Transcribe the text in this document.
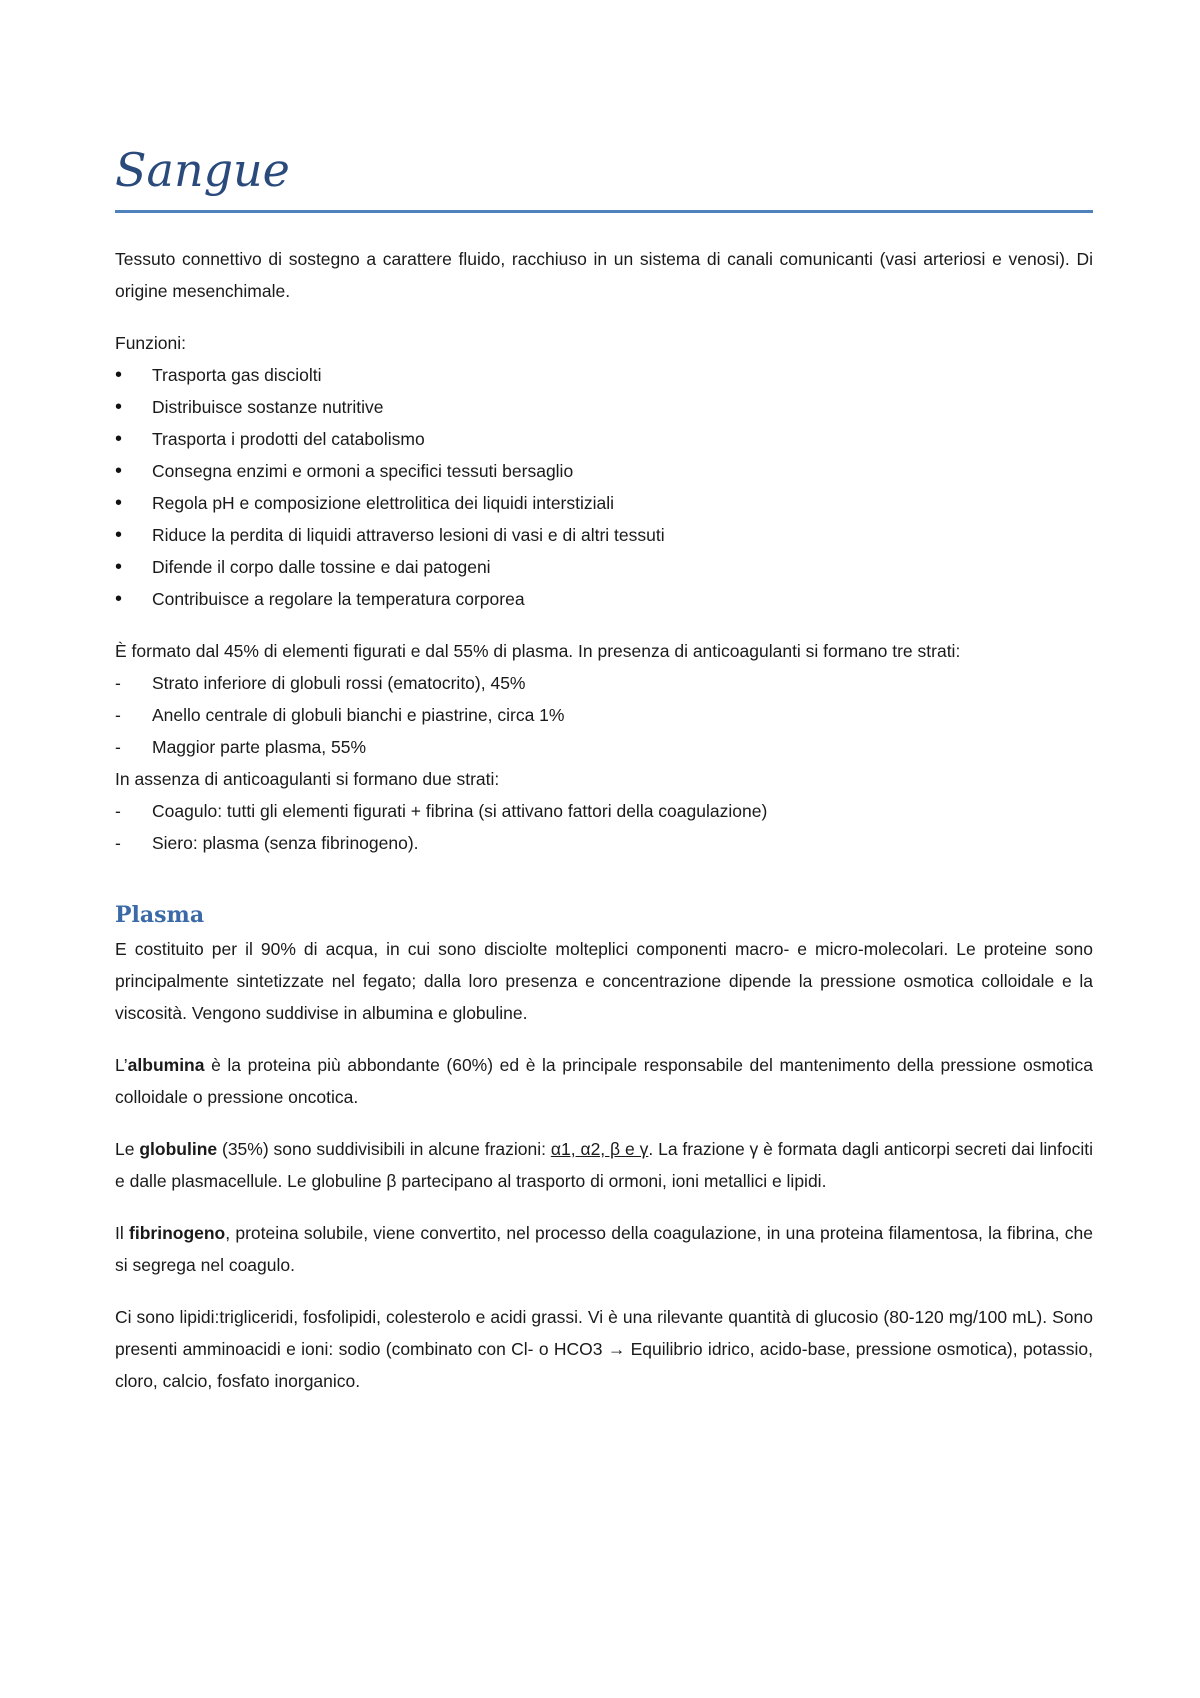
Sangue

Tessuto connettivo di sostegno a carattere fluido, racchiuso in un sistema di canali comunicanti (vasi arteriosi e venosi). Di origine mesenchimale.

Funzioni:

• Trasporta gas disciolti
• Distribuisce sostanze nutritive
• Trasporta i prodotti del catabolismo
• Consegna enzimi e ormoni a specifici tessuti bersaglio
• Regola pH e composizione elettrolitica dei liquidi interstiziali
• Riduce la perdita di liquidi attraverso lesioni di vasi e di altri tessuti
• Difende il corpo dalle tossine e dai patogeni
• Contribuisce a regolare la temperatura corporea

È formato dal 45% di elementi figurati e dal 55% di plasma. In presenza di anticoagulanti si formano tre strati:

- Strato inferiore di globuli rossi (ematocrito), 45%
- Anello centrale di globuli bianchi e piastrine, circa 1%
- Maggior parte plasma, 55%

In assenza di anticoagulanti si formano due strati:

- Coagulo: tutti gli elementi figurati + fibrina (si attivano fattori della coagulazione)
- Siero: plasma (senza fibrinogeno).
Plasma

E costituito per il 90% di acqua, in cui sono disciolte molteplici componenti macro- e micro-molecolari. Le proteine sono principalmente sintetizzate nel fegato; dalla loro presenza e concentrazione dipende la pressione osmotica colloidale e la viscosità. Vengono suddivise in albumina e globuline.

L’albumina è la proteina più abbondante (60%) ed è la principale responsabile del mantenimento della pressione osmotica colloidale o pressione oncotica.

Le globuline (35%) sono suddivisibili in alcune frazioni: α1, α2, β e γ. La frazione γ è formata dagli anticorpi secreti dai linfociti e dalle plasmacellule. Le globuline β partecipano al trasporto di ormoni, ioni metallici e lipidi.

Il fibrinogeno, proteina solubile, viene convertito, nel processo della coagulazione, in una proteina filamentosa, la fibrina, che si segrega nel coagulo.

Ci sono lipidi:trigliceridi, fosfolipidi, colesterolo e acidi grassi. Vi è una rilevante quantità di glucosio (80-120 mg/100 mL). Sono presenti amminoacidi e ioni: sodio (combinato con Cl- o HCO3 → Equilibrio idrico, acido-base, pressione osmotica), potassio, cloro, calcio, fosfato inorganico.
